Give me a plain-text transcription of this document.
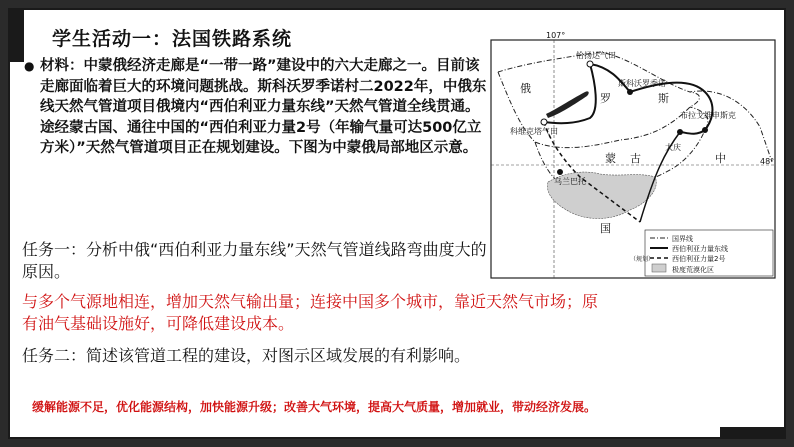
学生活动一：法国铁路系统
● 材料：中蒙俄经济走廊是“一带一路”建设中的六大走廊之一。目前该走廊面临着巨大的环境问题挑战。斯科沃罗季诺村二2022年，中俄东线天然气管道项目俄境内“西伯利亚力量东线”天然气管道全线贯通。途经蒙古国、通往中国的“西伯利亚力量2号（年输气量可达500亿立方米）”天然气管道项目正在规划建设。下图为中蒙俄局部地区示意。
任务一：分析中俄“西伯利亚力量东线”天然气管道线路弯曲度大的原因。
与多个气源地相连，增加天然气输出量；连接中国多个城市，靠近天然气市场；原有油气基础设施好，可降低建设成本。
任务二：简述该管道工程的建设，对图示区域发展的有利影响。
缓解能源不足，优化能源结构，加快能源升级；改善大气环境，提高大气质量，增加就业，带动经济发展。
107°
48°
恰扬达气田
斯科沃罗季诺
科维克塔气田
布拉戈维申斯克
大庆
乌兰巴托
俄
罗	斯
蒙 古	中
国
国界线
西伯利亚力量东线
（规划）	西伯利亚力量2号
极度荒漠化区
